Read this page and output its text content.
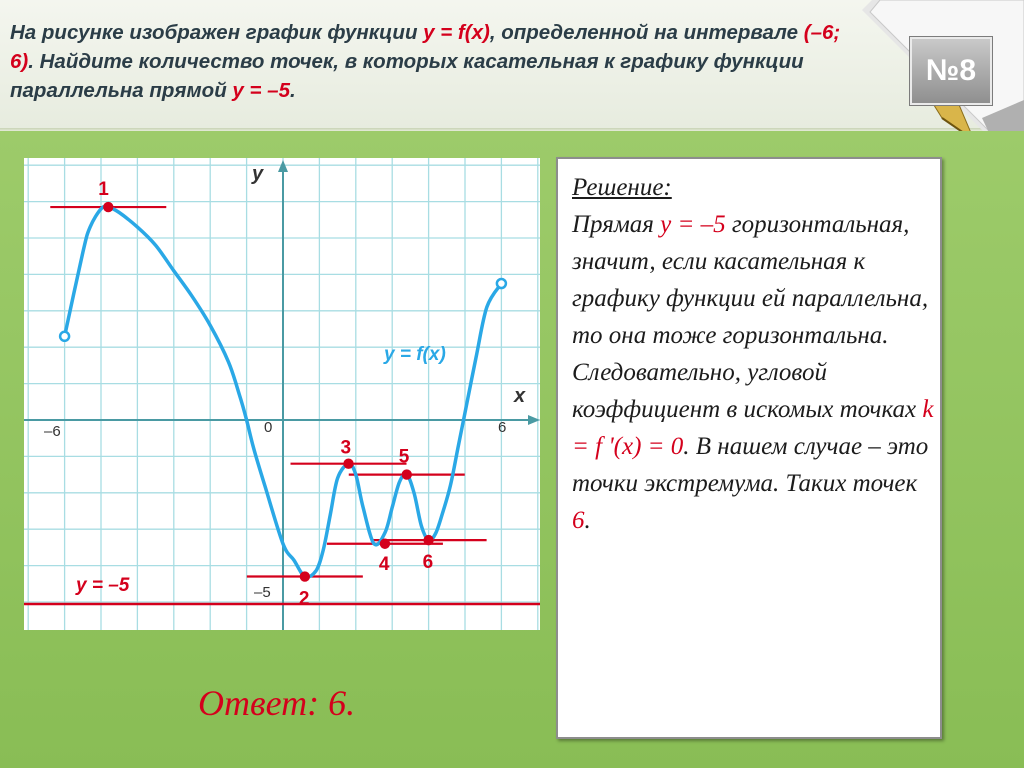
На рисунке изображен график функции y = f(x), определенной на интервале (–6; 6). Найдите количество точек, в которых касательная к графику функции параллельна прямой y = –5.

№8
1
2
3
4
5
6
y
x
0
–6	6
–5
y = f(x)
y = –5
Ответ: 6.
Решение:
Прямая y = –5 горизонтальная, значит, если касательная к графику функции ей параллельна, то она тоже горизонтальна. Следовательно, угловой коэффициент в искомых точках k = f '(x) = 0. В нашем случае – это точки экстремума. Таких точек 6.
